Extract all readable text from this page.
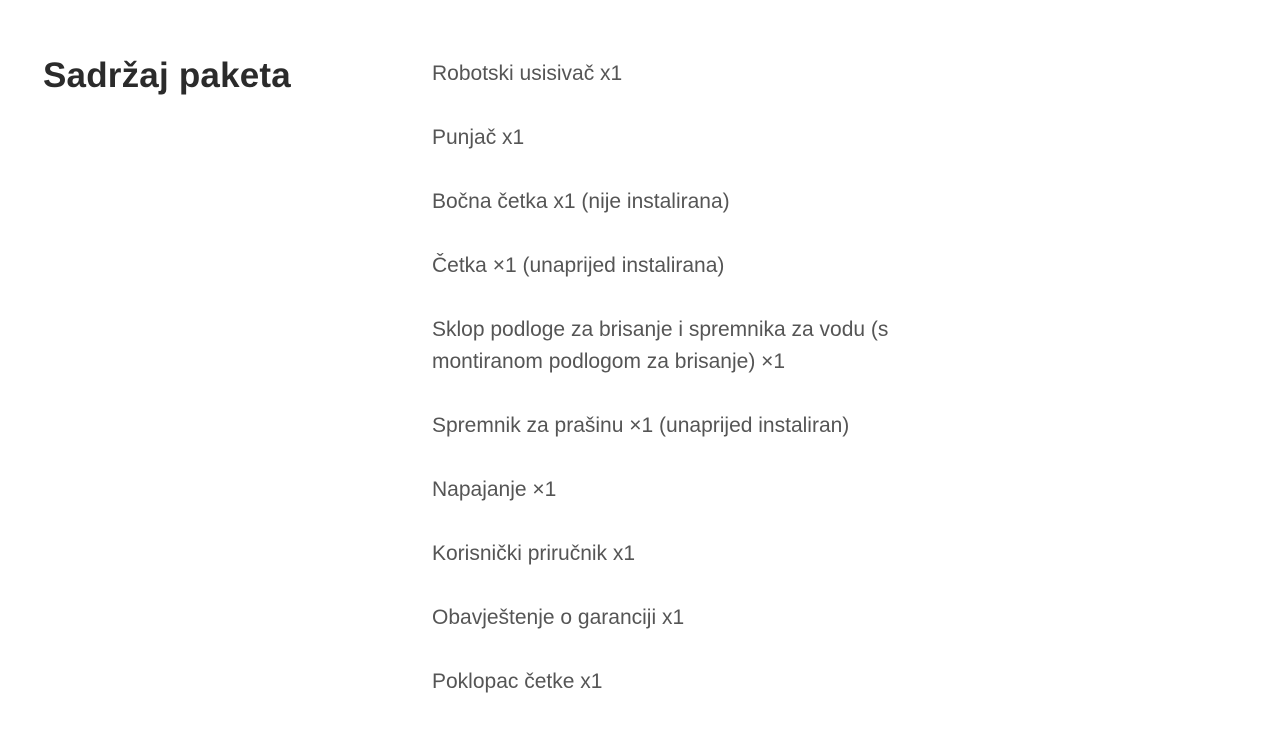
Sadržaj paketa	Robotski usisivač x1
Punjač x1
Bočna četka x1 (nije instalirana)
Četka ×1 (unaprijed instalirana)
Sklop podloge za brisanje i spremnika za vodu (s montiranom podlogom za brisanje) ×1
Spremnik za prašinu ×1 (unaprijed instaliran)
Napajanje ×1
Korisnički priručnik x1
Obavještenje o garanciji x1
Poklopac četke x1
